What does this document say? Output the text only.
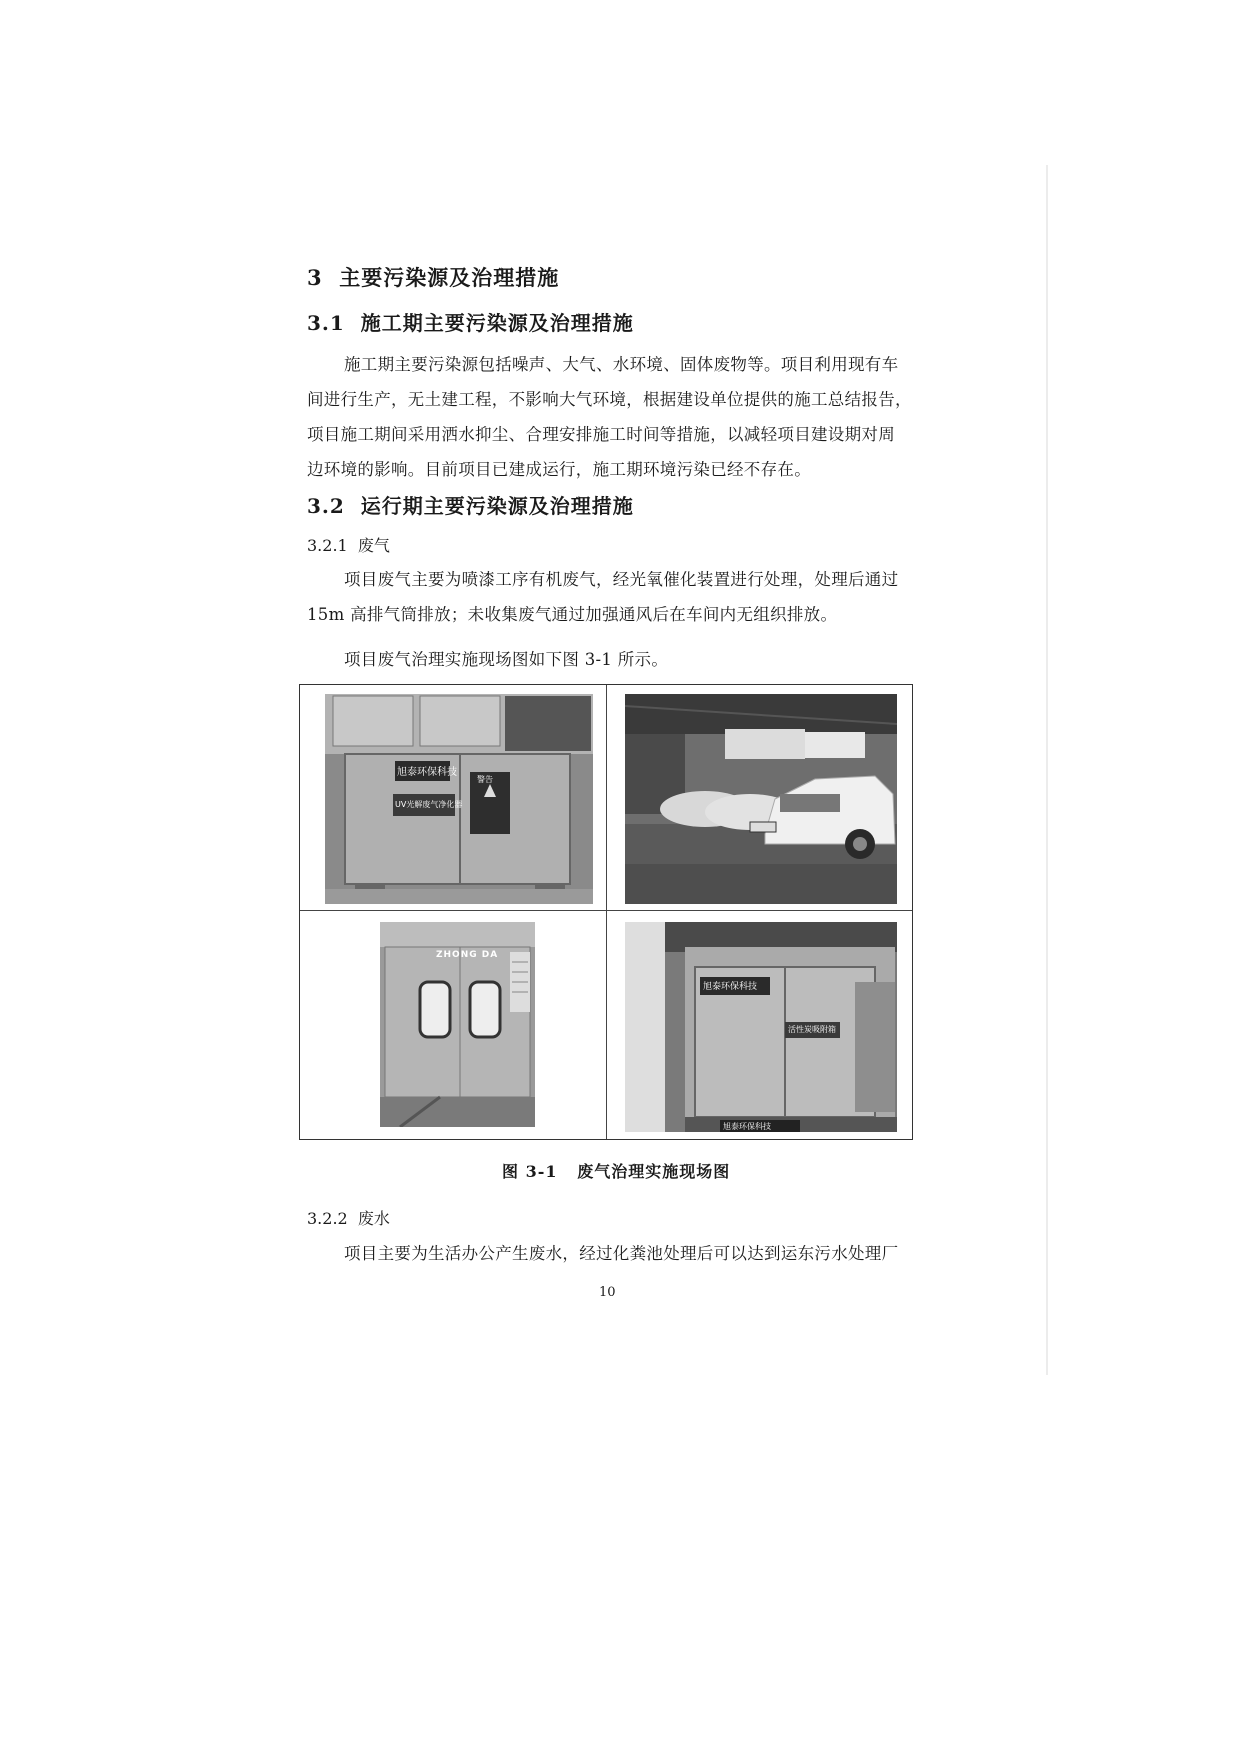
3 主要污染源及治理措施
3.1 施工期主要污染源及治理措施
施工期主要污染源包括噪声、大气、水环境、固体废物等。项目利用现有车
间进行生产，无土建工程，不影响大气环境，根据建设单位提供的施工总结报告，
项目施工期间采用洒水抑尘、合理安排施工时间等措施，以减轻项目建设期对周
边环境的影响。目前项目已建成运行，施工期环境污染已经不存在。
3.2 运行期主要污染源及治理措施
3.2.1 废气
项目废气主要为喷漆工序有机废气，经光氧催化装置进行处理，处理后通过
15m 高排气筒排放；未收集废气通过加强通风后在车间内无组织排放。
项目废气治理实施现场图如下图 3-1 所示。
旭泰环保科技
UV光解废气净化器
警告
ZHONG DA
旭泰环保科技
活性炭吸附箱
旭泰环保科技
图 3-1 废气治理实施现场图
3.2.2 废水
项目主要为生活办公产生废水，经过化粪池处理后可以达到运东污水处理厂
10
